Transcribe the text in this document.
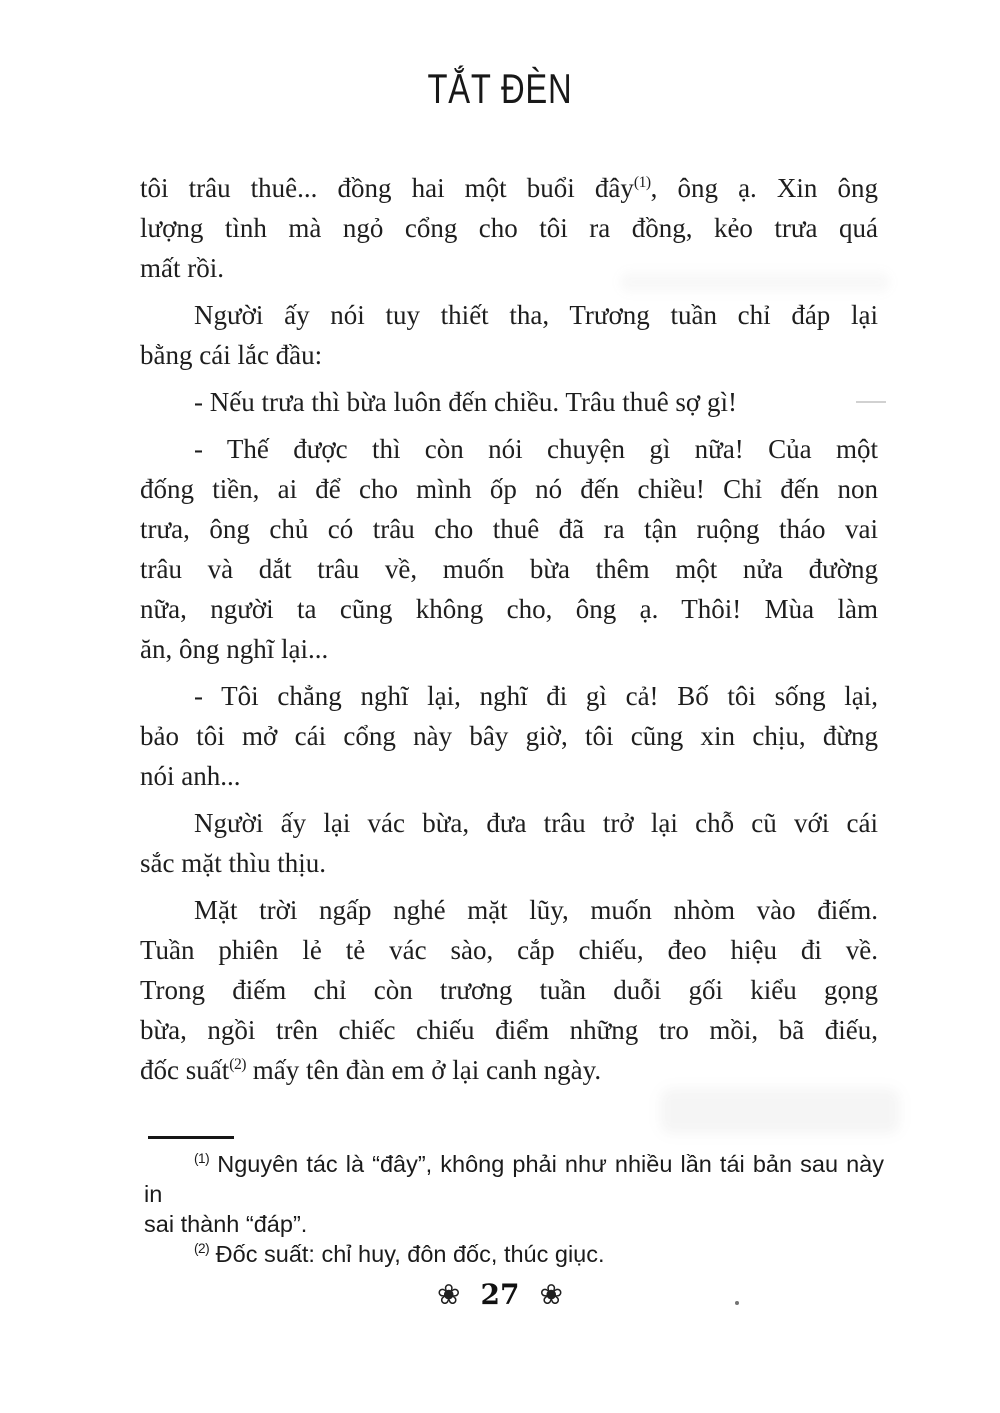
TẮT ĐÈN
tôi trâu thuê... đồng hai một buổi đây$^{(1)}$, ông ạ. Xin ông
lượng tình mà ngỏ cổng cho tôi ra đồng, kẻo trưa quá
mất rồi.
Người ấy nói tuy thiết tha, Trương tuần chỉ đáp lại
bằng cái lắc đầu:
- Nếu trưa thì bừa luôn đến chiều. Trâu thuê sợ gì!
- Thế được thì còn nói chuyện gì nữa! Của một
đống tiền, ai để cho mình ốp nó đến chiều! Chỉ đến non
trưa, ông chủ có trâu cho thuê đã ra tận ruộng tháo vai
trâu và dắt trâu về, muốn bừa thêm một nửa đường
nữa, người ta cũng không cho, ông ạ. Thôi! Mùa làm
ăn, ông nghĩ lại...
- Tôi chẳng nghĩ lại, nghĩ đi gì cả! Bố tôi sống lại,
bảo tôi mở cái cổng này bây giờ, tôi cũng xin chịu, đừng
nói anh...
Người ấy lại vác bừa, đưa trâu trở lại chỗ cũ với cái
sắc mặt thìu thịu.
Mặt trời ngấp nghé mặt lũy, muốn nhòm vào điếm.
Tuần phiên lẻ tẻ vác sào, cắp chiếu, đeo hiệu đi về.
Trong điếm chỉ còn trương tuần duỗi gối kiểu gọng
bừa, ngồi trên chiếc chiếu điểm những tro mồi, bã điếu,
đốc suất$^{(2)}$ mấy tên đàn em ở lại canh ngày.
$^{(1)}$ Nguyên tác là “đây”, không phải như nhiều lần tái bản sau này in
sai thành “đáp”.
$^{(2)}$ Đốc suất: chỉ huy, đôn đốc, thúc giục.
❀ 27 ❀
